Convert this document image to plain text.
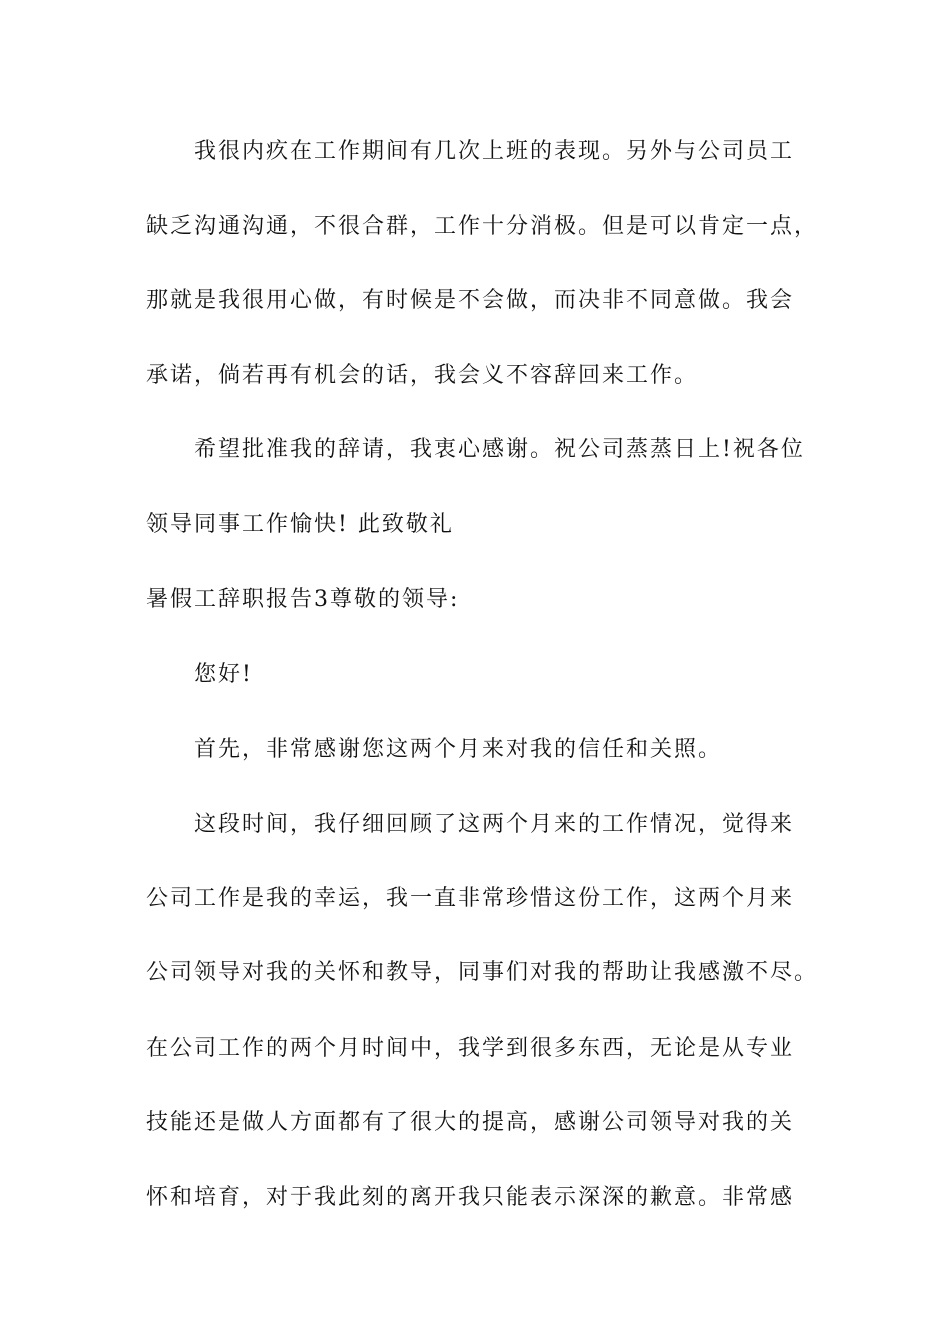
我很内疚在工作期间有几次上班的表现。另外与公司员工

缺乏沟通沟通，不很合群，工作十分消极。但是可以肯定一点，

那就是我很用心做，有时候是不会做，而决非不同意做。我会

承诺，倘若再有机会的话，我会义不容辞回来工作。

希望批准我的辞请，我衷心感谢。祝公司蒸蒸日上!祝各位

领导同事工作愉快! 此致敬礼

暑假工辞职报告3尊敬的领导:

您好!

首先，非常感谢您这两个月来对我的信任和关照。

这段时间，我仔细回顾了这两个月来的工作情况，觉得来

公司工作是我的幸运，我一直非常珍惜这份工作，这两个月来

公司领导对我的关怀和教导，同事们对我的帮助让我感激不尽。

在公司工作的两个月时间中，我学到很多东西，无论是从专业

技能还是做人方面都有了很大的提高，感谢公司领导对我的关

怀和培育，对于我此刻的离开我只能表示深深的歉意。非常感
